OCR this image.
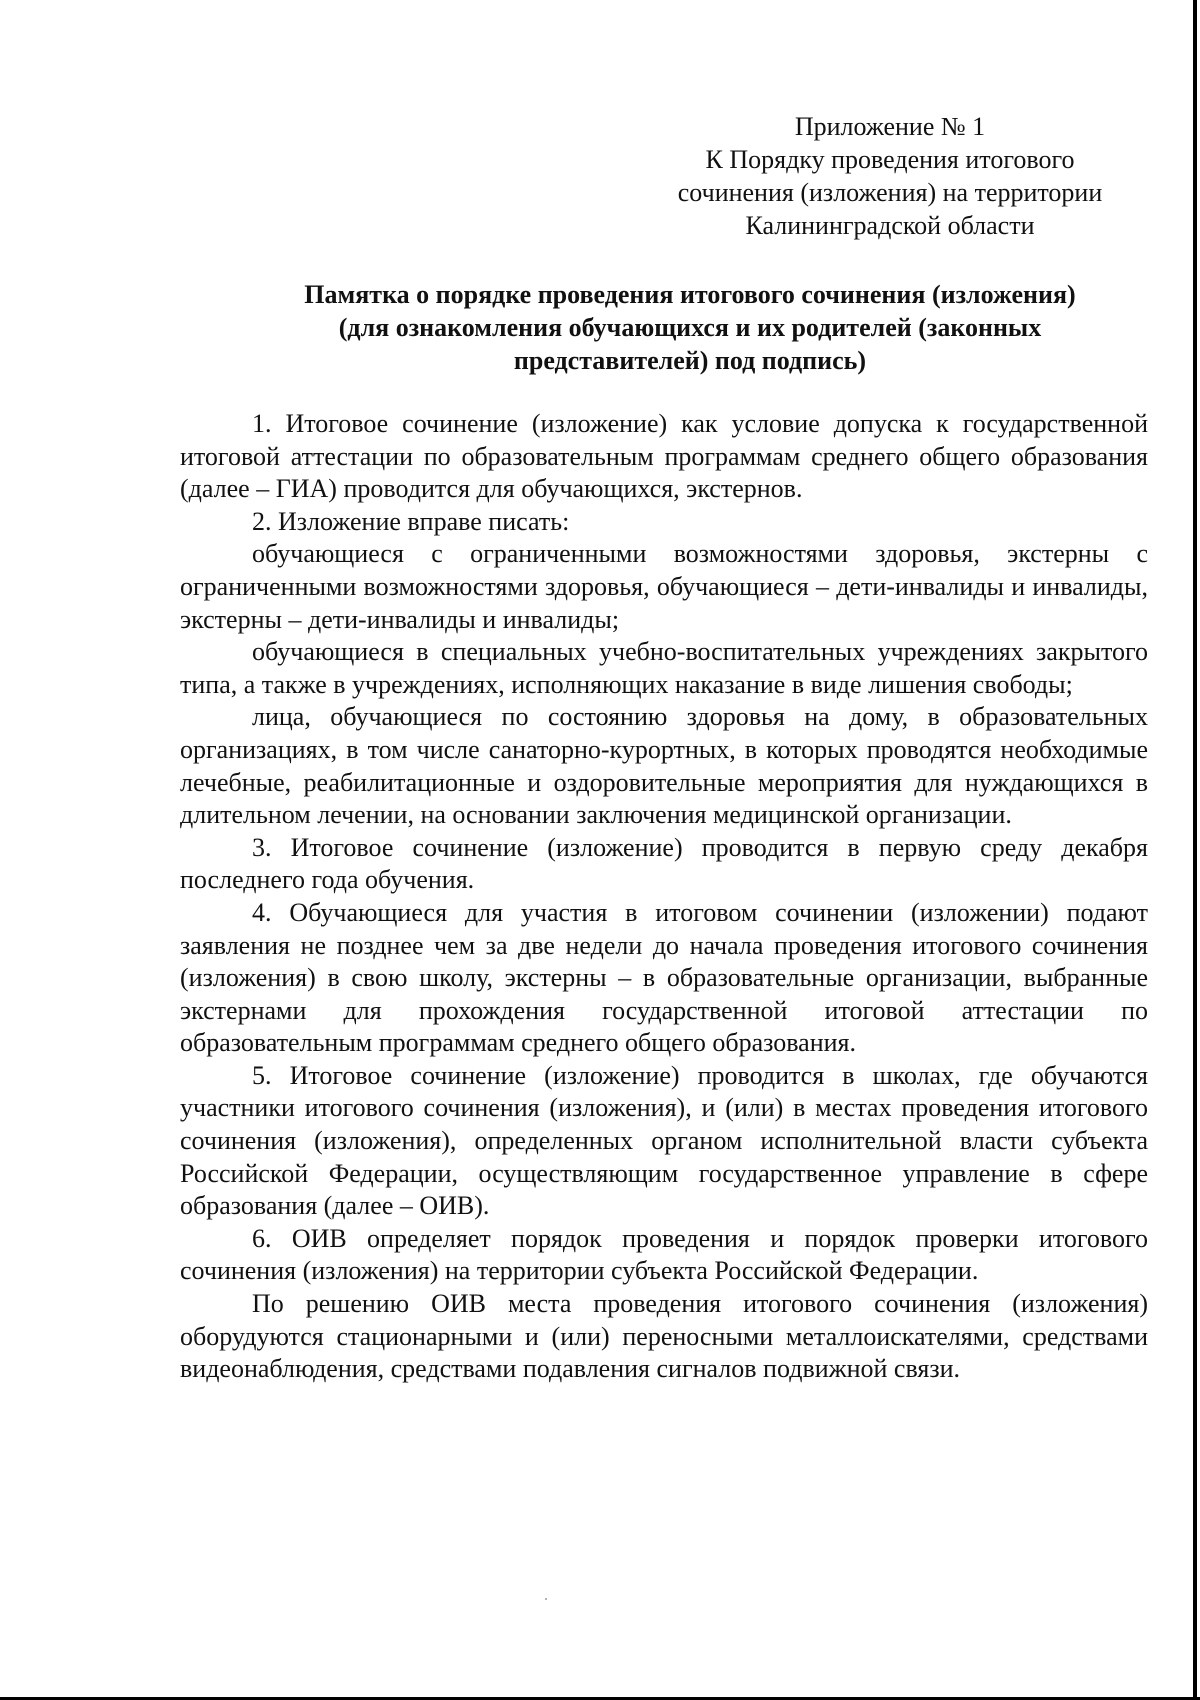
Приложение № 1
К Порядку проведения итогового
сочинения (изложения) на территории
Калининградской области
Памятка о порядке проведения итогового сочинения (изложения)
(для ознакомления обучающихся и их родителей (законных
представителей) под подпись)

1. Итоговое сочинение (изложение) как условие допуска к государственной итоговой аттестации по образовательным программам среднего общего образования (далее – ГИА) проводится для обучающихся, экстернов.

2. Изложение вправе писать:

обучающиеся с ограниченными возможностями здоровья, экстерны с ограниченными возможностями здоровья, обучающиеся – дети-инвалиды и инвалиды, экстерны – дети-инвалиды и инвалиды;

обучающиеся в специальных учебно-воспитательных учреждениях закрытого типа, а также в учреждениях, исполняющих наказание в виде лишения свободы;

лица, обучающиеся по состоянию здоровья на дому, в образовательных организациях, в том числе санаторно-курортных, в которых проводятся необходимые лечебные, реабилитационные и оздоровительные мероприятия для нуждающихся в длительном лечении, на основании заключения медицинской организации.

3. Итоговое сочинение (изложение) проводится в первую среду декабря последнего года обучения.

4. Обучающиеся для участия в итоговом сочинении (изложении) подают заявления не позднее чем за две недели до начала проведения итогового сочинения (изложения) в свою школу, экстерны – в образовательные организации, выбранные экстернами для прохождения государственной итоговой аттестации по образовательным программам среднего общего образования.

5. Итоговое сочинение (изложение) проводится в школах, где обучаются участники итогового сочинения (изложения), и (или) в местах проведения итогового сочинения (изложения), определенных органом исполнительной власти субъекта Российской Федерации, осуществляющим государственное управление в сфере образования (далее – ОИВ).

6. ОИВ определяет порядок проведения и порядок проверки итогового сочинения (изложения) на территории субъекта Российской Федерации.

По решению ОИВ места проведения итогового сочинения (изложения) оборудуются стационарными и (или) переносными металлоискателями, средствами видеонаблюдения, средствами подавления сигналов подвижной связи.
